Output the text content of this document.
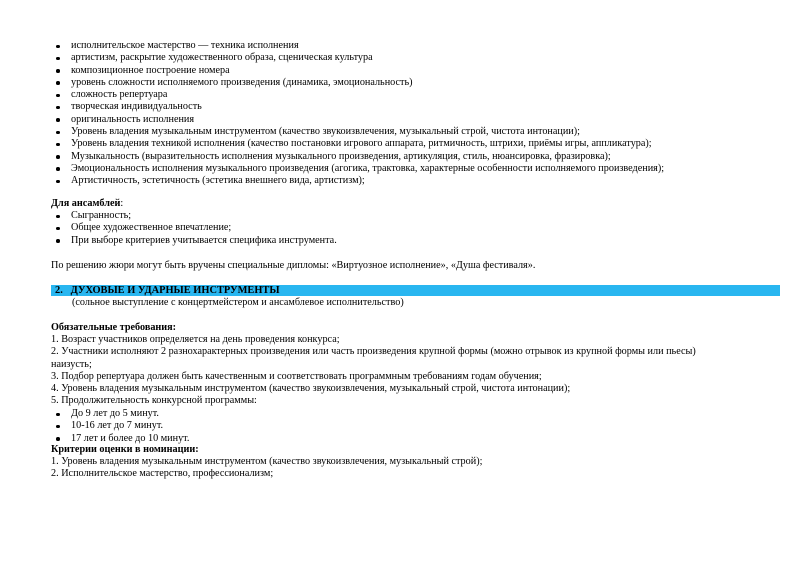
исполнительское мастерство — техника исполнения
артистизм, раскрытие художественного образа, сценическая культура
композиционное построение номера
уровень сложности исполняемого произведения (динамика, эмоциональность)
сложность репертуара
творческая индивидуальность
оригинальность исполнения
Уровень владения музыкальным инструментом (качество звукоизвлечения, музыкальный строй, чистота интонации);
Уровень владения техникой исполнения (качество постановки игрового аппарата, ритмичность, штрихи, приёмы игры, аппликатура);
Музыкальность (выразительность исполнения музыкального произведения, артикуляция, стиль, нюансировка, фразировка);
Эмоциональность исполнения музыкального произведения (агогика, трактовка, характерные особенности исполняемого произведения);
Артистичность, эстетичность (эстетика внешнего вида, артистизм);
Для ансамблей:
Сыгранность;
Общее художественное впечатление;
При выборе критериев учитывается специфика инструмента.
По решению жюри могут быть вручены специальные дипломы: «Виртуозное исполнение», «Душа фестиваля».
2. ДУХОВЫЕ И УДАРНЫЕ ИНСТРУМЕНТЫ
(сольное выступление с концертмейстером и ансамблевое исполнительство)
Обязательные требования:
1. Возраст участников определяется на день проведения конкурса;
2. Участники исполняют 2 разнохарактерных произведения или часть произведения крупной формы (можно отрывок из крупной формы или пьесы)
наизусть;
3. Подбор репертуара должен быть качественным и соответствовать программным требованиям годам обучения;
4. Уровень владения музыкальным инструментом (качество звукоизвлечения, музыкальный строй, чистота интонации);
5. Продолжительность конкурсной программы:
До 9 лет до 5 минут.
10-16 лет до 7 минут.
17 лет и более до 10 минут.
Критерии оценки в номинации:
1. Уровень владения музыкальным инструментом (качество звукоизвлечения, музыкальный строй);
2. Исполнительское мастерство, профессионализм;
